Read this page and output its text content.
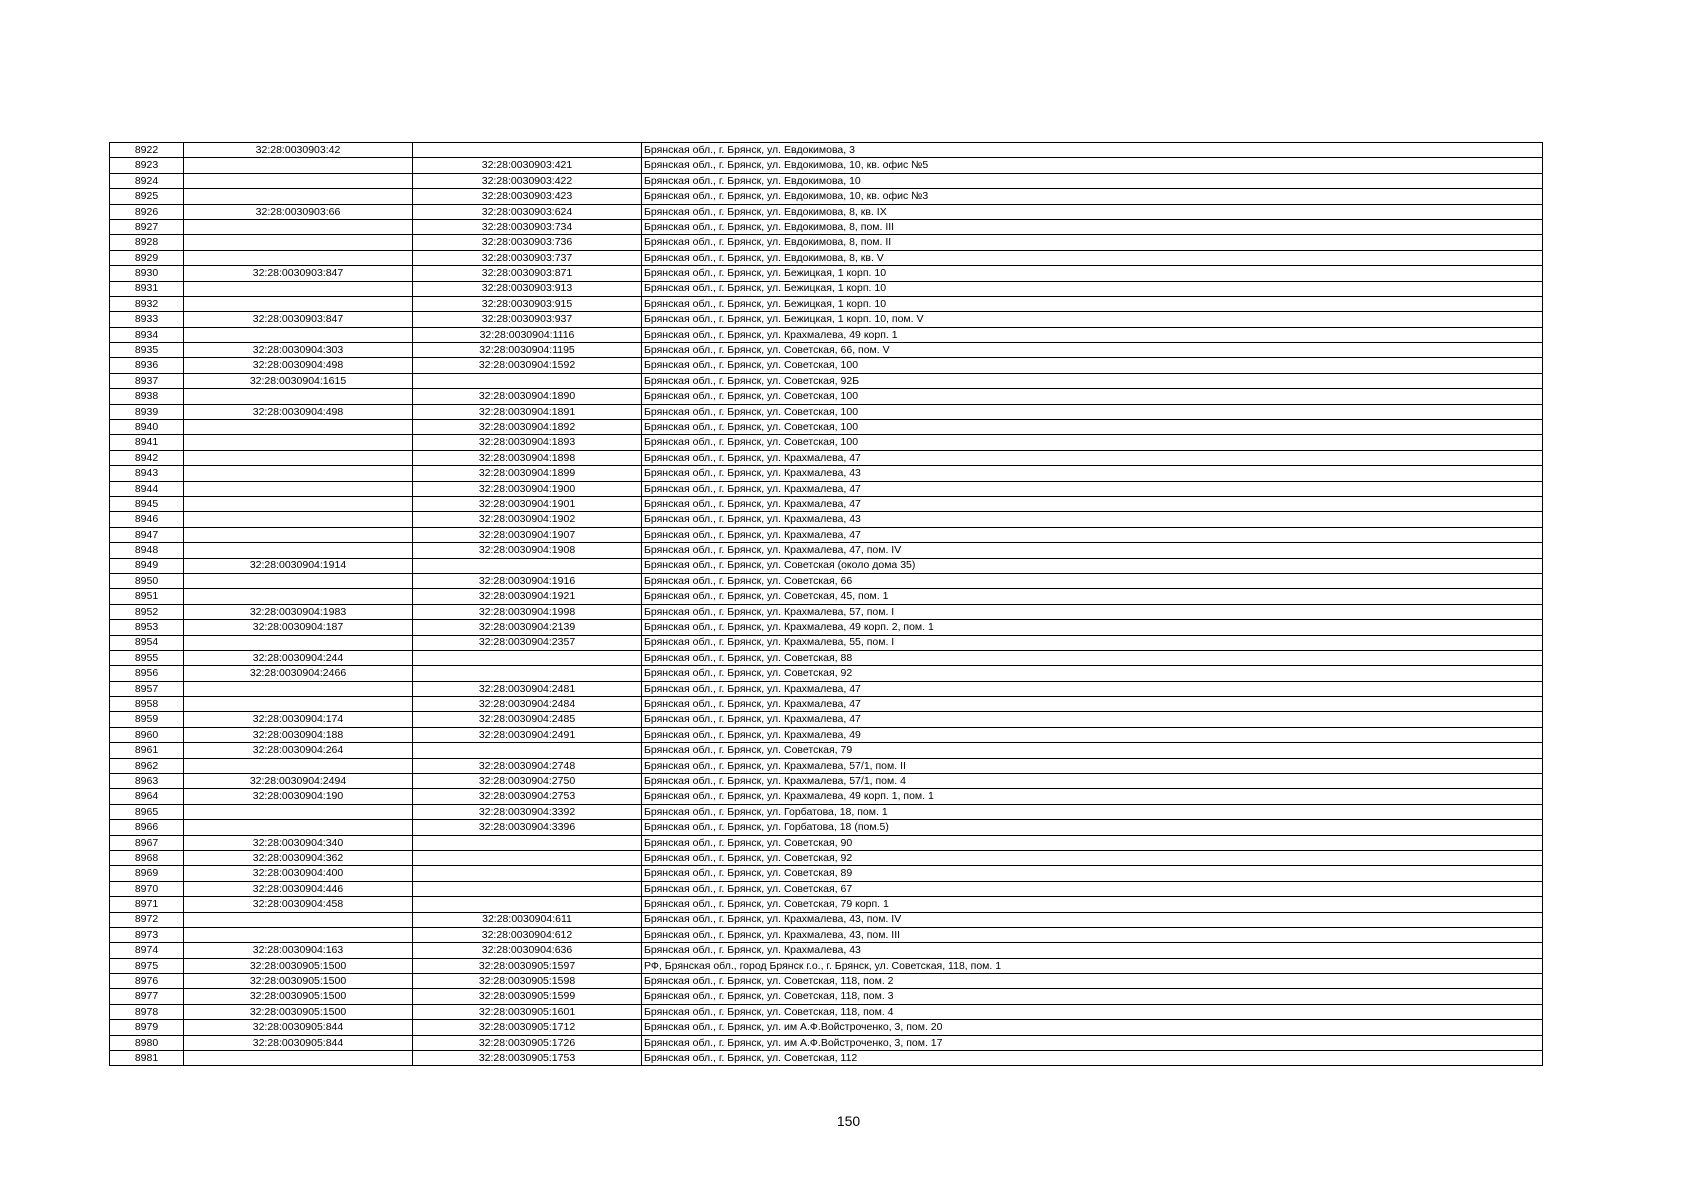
8922	32:28:0030903:42		Брянская обл., г. Брянск, ул. Евдокимова, 3
8923		32:28:0030903:421	Брянская обл., г. Брянск, ул. Евдокимова, 10, кв. офис №5
8924		32:28:0030903:422	Брянская обл., г. Брянск, ул. Евдокимова, 10
8925		32:28:0030903:423	Брянская обл., г. Брянск, ул. Евдокимова, 10, кв. офис №3
8926	32:28:0030903:66	32:28:0030903:624	Брянская обл., г. Брянск, ул. Евдокимова, 8, кв. IX
8927		32:28:0030903:734	Брянская обл., г. Брянск, ул. Евдокимова, 8, пом. III
8928		32:28:0030903:736	Брянская обл., г. Брянск, ул. Евдокимова, 8, пом. II
8929		32:28:0030903:737	Брянская обл., г. Брянск, ул. Евдокимова, 8, кв. V
8930	32:28:0030903:847	32:28:0030903:871	Брянская обл., г. Брянск, ул. Бежицкая, 1 корп. 10
8931		32:28:0030903:913	Брянская обл., г. Брянск, ул. Бежицкая, 1 корп. 10
8932		32:28:0030903:915	Брянская обл., г. Брянск, ул. Бежицкая, 1 корп. 10
8933	32:28:0030903:847	32:28:0030903:937	Брянская обл., г. Брянск, ул. Бежицкая, 1 корп. 10, пом. V
8934		32:28:0030904:1116	Брянская обл., г. Брянск, ул. Крахмалева, 49 корп. 1
8935	32:28:0030904:303	32:28:0030904:1195	Брянская обл., г. Брянск, ул. Советская, 66, пом. V
8936	32:28:0030904:498	32:28:0030904:1592	Брянская обл., г. Брянск, ул. Советская, 100
8937	32:28:0030904:1615		Брянская обл., г. Брянск, ул. Советская, 92Б
8938		32:28:0030904:1890	Брянская обл., г. Брянск, ул. Советская, 100
8939	32:28:0030904:498	32:28:0030904:1891	Брянская обл., г. Брянск, ул. Советская, 100
8940		32:28:0030904:1892	Брянская обл., г. Брянск, ул. Советская, 100
8941		32:28:0030904:1893	Брянская обл., г. Брянск, ул. Советская, 100
8942		32:28:0030904:1898	Брянская обл., г. Брянск, ул. Крахмалева, 47
8943		32:28:0030904:1899	Брянская обл., г. Брянск, ул. Крахмалева, 43
8944		32:28:0030904:1900	Брянская обл., г. Брянск, ул. Крахмалева, 47
8945		32:28:0030904:1901	Брянская обл., г. Брянск, ул. Крахмалева, 47
8946		32:28:0030904:1902	Брянская обл., г. Брянск, ул. Крахмалева, 43
8947		32:28:0030904:1907	Брянская обл., г. Брянск, ул. Крахмалева, 47
8948		32:28:0030904:1908	Брянская обл., г. Брянск, ул. Крахмалева, 47, пом. IV
8949	32:28:0030904:1914		Брянская обл., г. Брянск, ул. Советская (около дома 35)
8950		32:28:0030904:1916	Брянская обл., г. Брянск, ул. Советская, 66
8951		32:28:0030904:1921	Брянская обл., г. Брянск, ул. Советская, 45, пом. 1
8952	32:28:0030904:1983	32:28:0030904:1998	Брянская обл., г. Брянск, ул. Крахмалева, 57, пом. I
8953	32:28:0030904:187	32:28:0030904:2139	Брянская обл., г. Брянск, ул. Крахмалева, 49 корп. 2, пом. 1
8954		32:28:0030904:2357	Брянская обл., г. Брянск, ул. Крахмалева, 55, пом. I
8955	32:28:0030904:244		Брянская обл., г. Брянск, ул. Советская, 88
8956	32:28:0030904:2466		Брянская обл., г. Брянск, ул. Советская, 92
8957		32:28:0030904:2481	Брянская обл., г. Брянск, ул. Крахмалева, 47
8958		32:28:0030904:2484	Брянская обл., г. Брянск, ул. Крахмалева, 47
8959	32:28:0030904:174	32:28:0030904:2485	Брянская обл., г. Брянск, ул. Крахмалева, 47
8960	32:28:0030904:188	32:28:0030904:2491	Брянская обл., г. Брянск, ул. Крахмалева, 49
8961	32:28:0030904:264		Брянская обл., г. Брянск, ул. Советская, 79
8962		32:28:0030904:2748	Брянская обл., г. Брянск, ул. Крахмалева, 57/1, пом. II
8963	32:28:0030904:2494	32:28:0030904:2750	Брянская обл., г. Брянск, ул. Крахмалева, 57/1, пом. 4
8964	32:28:0030904:190	32:28:0030904:2753	Брянская обл., г. Брянск, ул. Крахмалева, 49 корп. 1, пом. 1
8965		32:28:0030904:3392	Брянская обл., г. Брянск, ул. Горбатова, 18, пом. 1
8966		32:28:0030904:3396	Брянская обл., г. Брянск, ул. Горбатова, 18 (пом.5)
8967	32:28:0030904:340		Брянская обл., г. Брянск, ул. Советская, 90
8968	32:28:0030904:362		Брянская обл., г. Брянск, ул. Советская, 92
8969	32:28:0030904:400		Брянская обл., г. Брянск, ул. Советская, 89
8970	32:28:0030904:446		Брянская обл., г. Брянск, ул. Советская, 67
8971	32:28:0030904:458		Брянская обл., г. Брянск, ул. Советская, 79 корп. 1
8972		32:28:0030904:611	Брянская обл., г. Брянск, ул. Крахмалева, 43, пом. IV
8973		32:28:0030904:612	Брянская обл., г. Брянск, ул. Крахмалева, 43, пом. III
8974	32:28:0030904:163	32:28:0030904:636	Брянская обл., г. Брянск, ул. Крахмалева, 43
8975	32:28:0030905:1500	32:28:0030905:1597	РФ, Брянская обл., город Брянск г.о., г. Брянск, ул. Советская, 118, пом. 1
8976	32:28:0030905:1500	32:28:0030905:1598	Брянская обл., г. Брянск, ул. Советская, 118, пом. 2
8977	32:28:0030905:1500	32:28:0030905:1599	Брянская обл., г. Брянск, ул. Советская, 118, пом. 3
8978	32:28:0030905:1500	32:28:0030905:1601	Брянская обл., г. Брянск, ул. Советская, 118, пом. 4
8979	32:28:0030905:844	32:28:0030905:1712	Брянская обл., г. Брянск, ул. им А.Ф.Войстроченко, 3, пом. 20
8980	32:28:0030905:844	32:28:0030905:1726	Брянская обл., г. Брянск, ул. им А.Ф.Войстроченко, 3, пом. 17
8981		32:28:0030905:1753	Брянская обл., г. Брянск, ул. Советская, 112
150
